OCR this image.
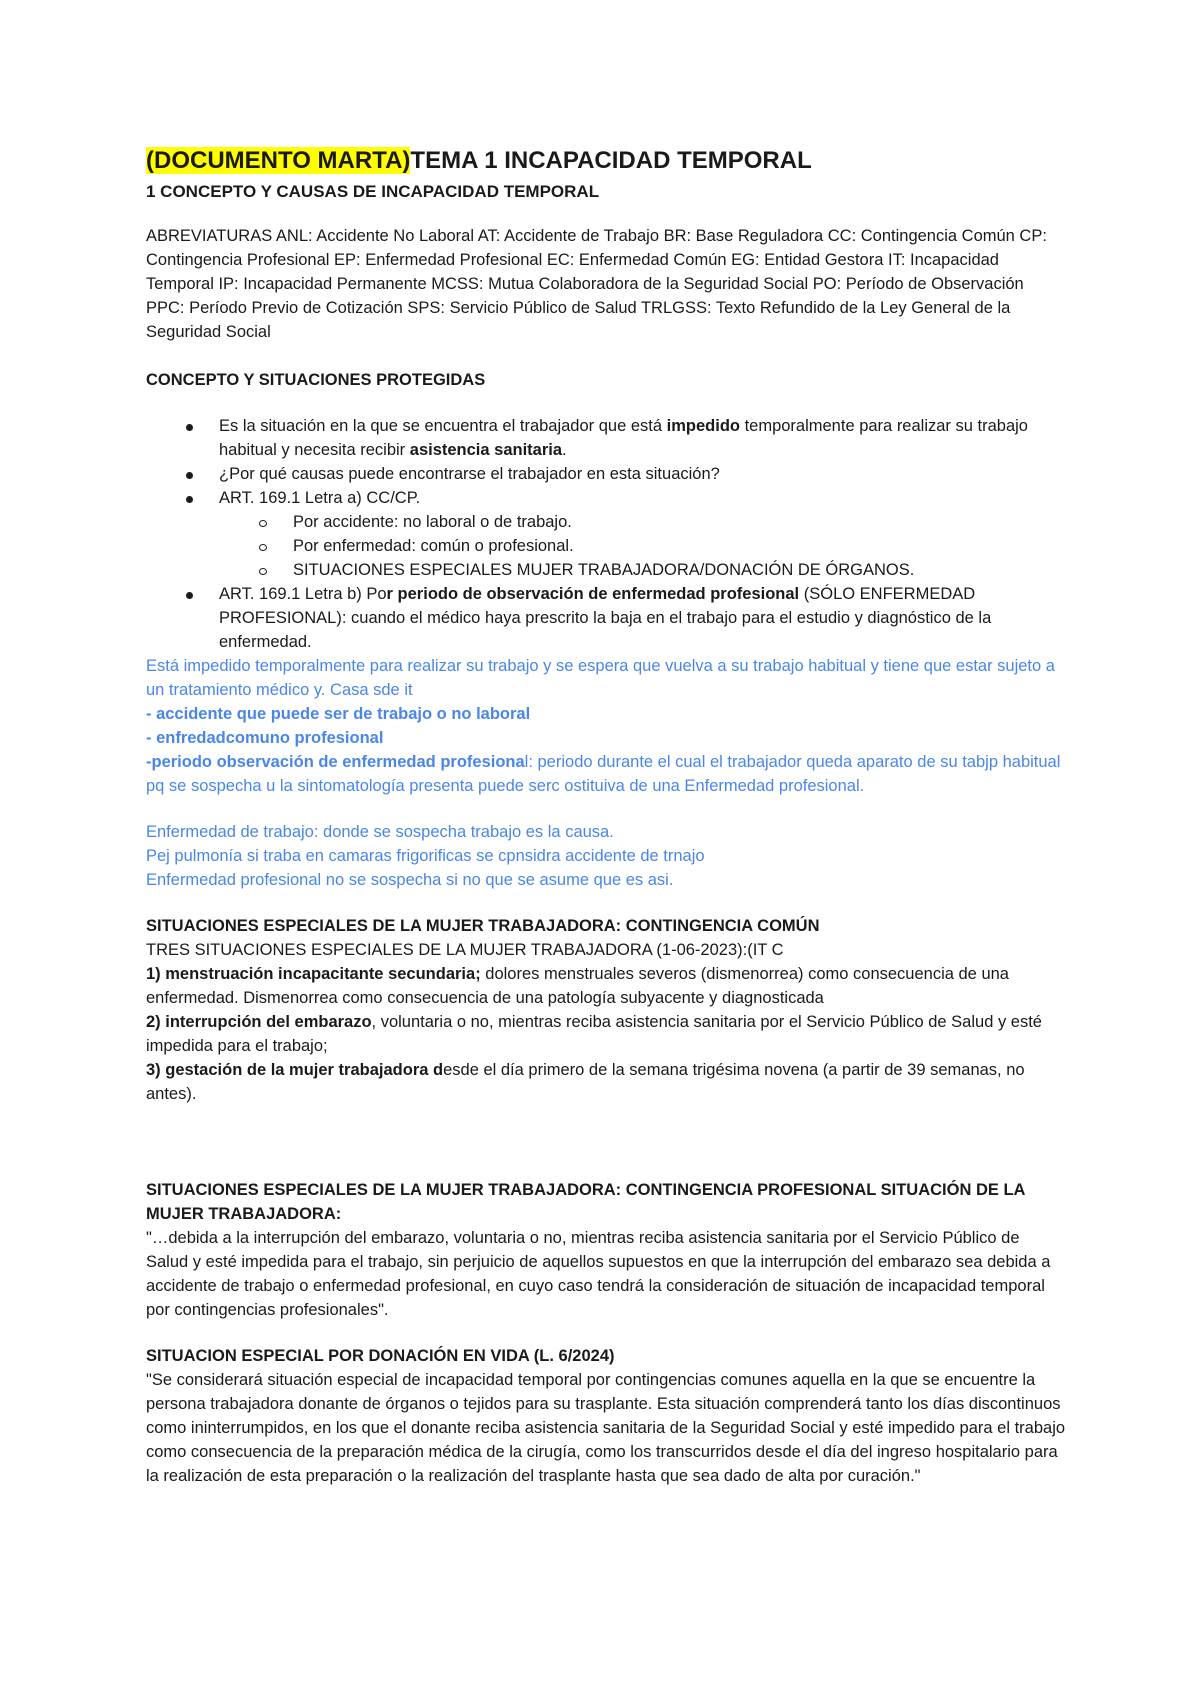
(DOCUMENTO MARTA)TEMA 1 INCAPACIDAD TEMPORAL

1 CONCEPTO Y CAUSAS DE INCAPACIDAD TEMPORAL

ABREVIATURAS ANL: Accidente No Laboral AT: Accidente de Trabajo BR: Base Reguladora CC: Contingencia Común CP: Contingencia Profesional EP: Enfermedad Profesional EC: Enfermedad Común EG: Entidad Gestora IT: Incapacidad Temporal IP: Incapacidad Permanente MCSS: Mutua Colaboradora de la Seguridad Social PO: Período de Observación PPC: Período Previo de Cotización SPS: Servicio Público de Salud TRLGSS: Texto Refundido de la Ley General de la Seguridad Social

CONCEPTO Y SITUACIONES PROTEGIDAS

Es la situación en la que se encuentra el trabajador que está impedido temporalmente para realizar su trabajo habitual y necesita recibir asistencia sanitaria.
¿Por qué causas puede encontrarse el trabajador en esta situación?
ART. 169.1 Letra a) CC/CP.
Por accidente: no laboral o de trabajo.
Por enfermedad: común o profesional.
SITUACIONES ESPECIALES MUJER TRABAJADORA/DONACIÓN DE ÓRGANOS.
ART. 169.1 Letra b) Por periodo de observación de enfermedad profesional (SÓLO ENFERMEDAD PROFESIONAL): cuando el médico haya prescrito la baja en el trabajo para el estudio y diagnóstico de la enfermedad.

Está impedido temporalmente para realizar su trabajo y se espera que vuelva a su trabajo habitual y tiene que estar sujeto a un tratamiento médico y. Casa sde it

- accidente que puede ser de trabajo o no laboral

- enfredadcomuno profesional

-periodo observación de enfermedad profesional: periodo durante el cual el trabajador queda aparato de su tabjp habitual pq se sospecha u la sintomatología presenta puede serc ostituiva de una Enfermedad profesional.

Enfermedad de trabajo: donde se sospecha trabajo es la causa.

Pej pulmonía si traba en camaras frigorificas se cpnsidra accidente de trnajo

Enfermedad profesional no se sospecha si no que se asume que es asi.

SITUACIONES ESPECIALES DE LA MUJER TRABAJADORA: CONTINGENCIA COMÚN

TRES SITUACIONES ESPECIALES DE LA MUJER TRABAJADORA (1-06-2023):(IT C

1) menstruación incapacitante secundaria; dolores menstruales severos (dismenorrea) como consecuencia de una enfermedad. Dismenorrea como consecuencia de una patología subyacente y diagnosticada

2) interrupción del embarazo, voluntaria o no, mientras reciba asistencia sanitaria por el Servicio Público de Salud y esté impedida para el trabajo;

3) gestación de la mujer trabajadora desde el día primero de la semana trigésima novena (a partir de 39 semanas, no antes).

SITUACIONES ESPECIALES DE LA MUJER TRABAJADORA: CONTINGENCIA PROFESIONAL SITUACIÓN DE LA MUJER TRABAJADORA:

"…debida a la interrupción del embarazo, voluntaria o no, mientras reciba asistencia sanitaria por el Servicio Público de Salud y esté impedida para el trabajo, sin perjuicio de aquellos supuestos en que la interrupción del embarazo sea debida a accidente de trabajo o enfermedad profesional, en cuyo caso tendrá la consideración de situación de incapacidad temporal por contingencias profesionales".

SITUACION ESPECIAL POR DONACIÓN EN VIDA (L. 6/2024)

"Se considerará situación especial de incapacidad temporal por contingencias comunes aquella en la que se encuentre la persona trabajadora donante de órganos o tejidos para su trasplante. Esta situación comprenderá tanto los días discontinuos como ininterrumpidos, en los que el donante reciba asistencia sanitaria de la Seguridad Social y esté impedido para el trabajo como consecuencia de la preparación médica de la cirugía, como los transcurridos desde el día del ingreso hospitalario para la realización de esta preparación o la realización del trasplante hasta que sea dado de alta por curación."
